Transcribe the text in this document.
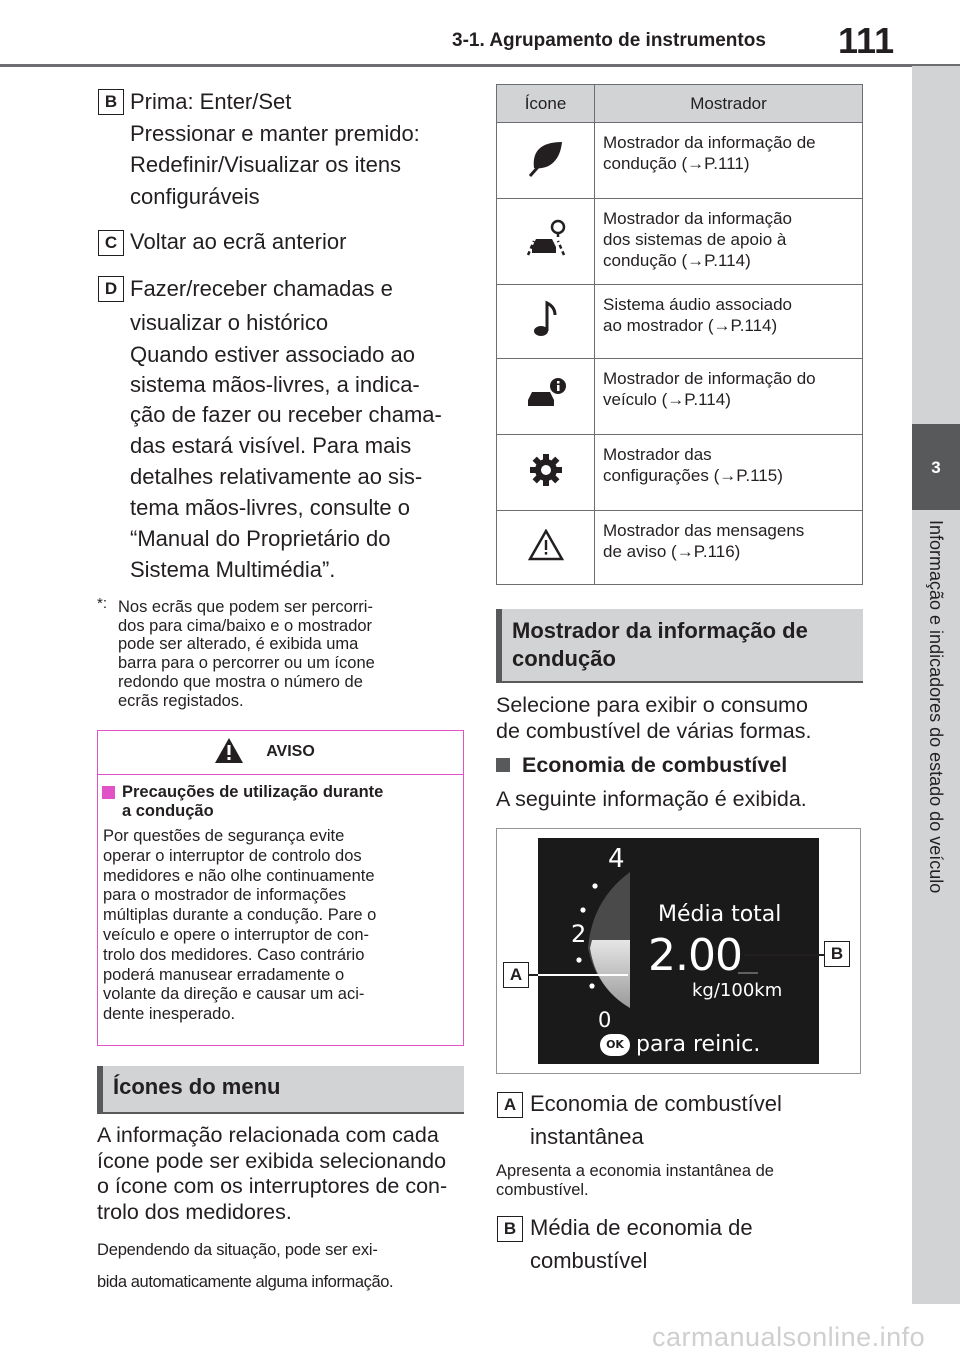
3-1. Agrupamento de instrumentos 111
3
Informação e indicadores do estado do veículo
B Prima: Enter/Set
Pressionar e manter premido:
Redefinir/Visualizar os itens
configuráveis
C Voltar ao ecrã anterior
D Fazer/receber chamadas e
visualizar o histórico
Quando estiver associado ao
sistema mãos-livres, a indica-
ção de fazer ou receber chama-
das estará visível. Para mais
detalhes relativamente ao sis-
tema mãos-livres, consulte o
“Manual do Proprietário do
Sistema Multimédia”.
*: Nos ecrãs que podem ser percorri-
dos para cima/baixo e o mostrador
pode ser alterado, é exibida uma
barra para o percorrer ou um ícone
redondo que mostra o número de
ecrãs registados.
AVISO
Precauções de utilização durante
a condução
Por questões de segurança evite
operar o interruptor de controlo dos
medidores e não olhe continuamente
para o mostrador de informações
múltiplas durante a condução. Pare o
veículo e opere o interruptor de con-
trolo dos medidores. Caso contrário
poderá manusear erradamente o
volante da direção e causar um aci-
dente inesperado.
Ícones do menu
A informação relacionada com cada
ícone pode ser exibida selecionando
o ícone com os interruptores de con-
trolo dos medidores.
Dependendo da situação, pode ser exi-
bida automaticamente alguma informação.
Ícone	Mostrador

Mostrador da informação de
condução (→P.111)

Mostrador da informação
dos sistemas de apoio à
condução (→P.114)

Sistema áudio associado
ao mostrador (→P.114)

Mostrador de informação do
veículo (→P.114)

Mostrador das
configurações (→P.115)

Mostrador das mensagens
de aviso (→P.116)
Mostrador da informação de
condução
Selecione para exibir o consumo
de combustível de várias formas.
Economia de combustível
A seguinte informação é exibida.
4
2
0
Média total
2.00
kg/100km
OK para reinic.
A
B
A Economia de combustível
instantânea
Apresenta a economia instantânea de
combustível.
B Média de economia de
combustível
carmanualsonline.info
